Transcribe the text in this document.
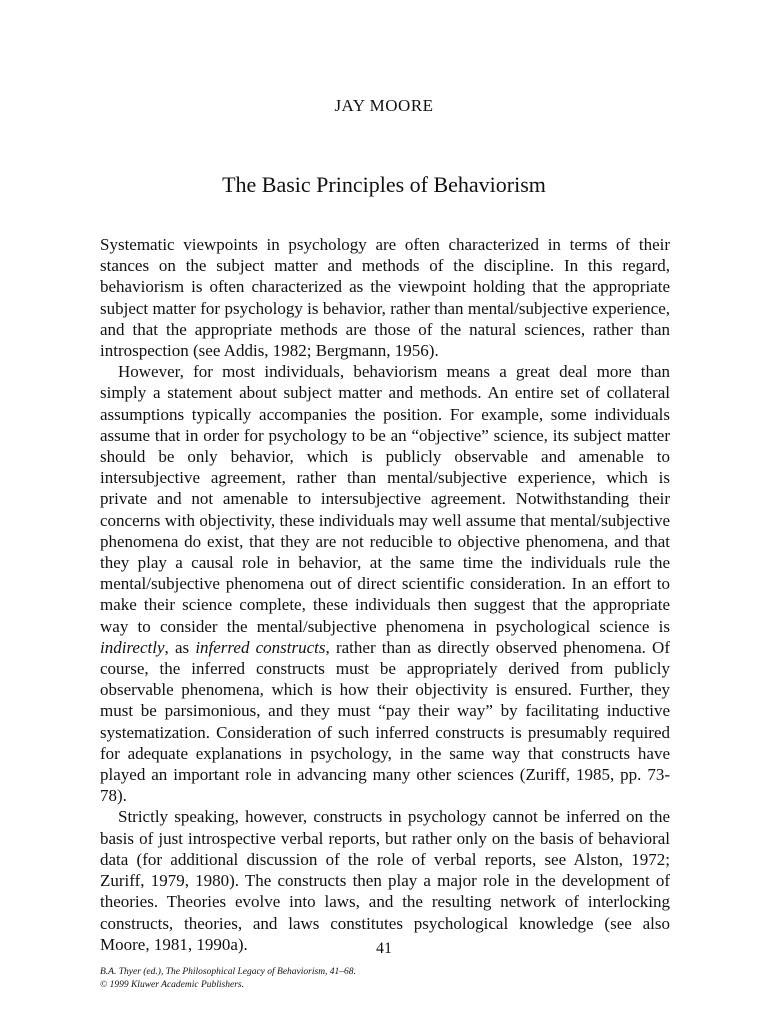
JAY MOORE
The Basic Principles of Behaviorism

Systematic viewpoints in psychology are often characterized in terms of their stances on the subject matter and methods of the discipline. In this regard, behaviorism is often characterized as the viewpoint holding that the appropriate subject matter for psychology is behavior, rather than mental/subjective experience, and that the appropriate methods are those of the natural sciences, rather than introspection (see Addis, 1982; Bergmann, 1956).

However, for most individuals, behaviorism means a great deal more than simply a statement about subject matter and methods. An entire set of collateral assumptions typically accompanies the position. For example, some individuals assume that in order for psychology to be an “objective” science, its subject matter should be only behavior, which is publicly observable and amenable to intersubjective agreement, rather than mental/subjective experience, which is private and not amenable to intersubjective agreement. Notwithstanding their concerns with objectivity, these individuals may well assume that mental/subjective phenomena do exist, that they are not reducible to objective phenomena, and that they play a causal role in behavior, at the same time the individuals rule the mental/subjective phenomena out of direct scientific consideration. In an effort to make their science complete, these individuals then suggest that the appropriate way to consider the mental/subjective phenomena in psychological science is indirectly, as inferred constructs, rather than as directly observed phenomena. Of course, the inferred constructs must be appropriately derived from publicly observable phenomena, which is how their objectivity is ensured. Further, they must be parsimonious, and they must “pay their way” by facilitating inductive systematization. Consideration of such inferred constructs is presumably required for adequate explanations in psychology, in the same way that constructs have played an important role in advancing many other sciences (Zuriff, 1985, pp. 73-78).

Strictly speaking, however, constructs in psychology cannot be inferred on the basis of just introspective verbal reports, but rather only on the basis of behavioral data (for additional discussion of the role of verbal reports, see Alston, 1972; Zuriff, 1979, 1980). The constructs then play a major role in the development of theories. Theories evolve into laws, and the resulting network of interlocking constructs, theories, and laws constitutes psychological knowledge (see also Moore, 1981, 1990a).	41
B.A. Thyer (ed.), The Philosophical Legacy of Behaviorism, 41–68.
© 1999 Kluwer Academic Publishers.
